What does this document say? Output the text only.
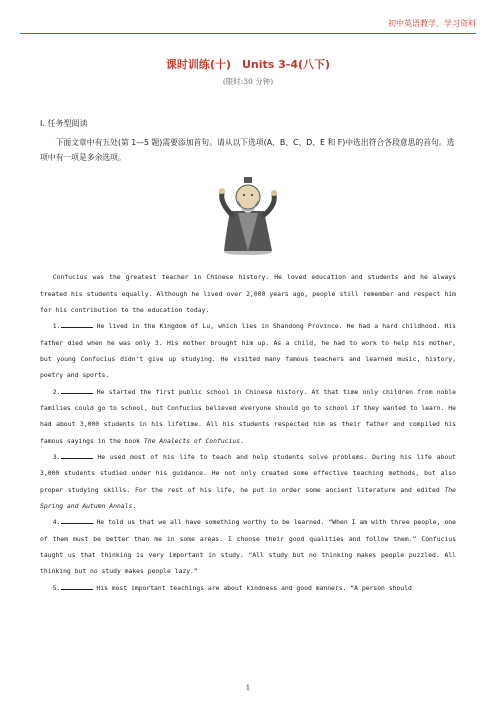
初中英语教学、学习资料
课时训练(十)　Units 3-4(八下)
(限时:30 分钟)

Ⅰ. 任务型阅读

下面文章中有五处(第 1—5 题)需要添加首句。请从以下选项(A、B、C、D、E 和 F)中选出符合各段意思的首句。选项中有一项是多余选项。

Confucius was the greatest teacher in Chinese history. He loved education and students and he always treated his students equally. Although he lived over 2,000 years ago, people still remember and respect him for his contribution to the education today.

1.	He lived in the Kingdom of Lu, which lies in Shandong Province. He had a hard childhood. His father died when he was only 3. His mother brought him up. As a child, he had to work to help his mother, but young Confucius didn't give up studying. He visited many famous teachers and learned music, history, poetry and sports.

2.	He started the first public school in Chinese history. At that time only children from noble families could go to school, but Confucius believed everyone should go to school if they wanted to learn. He had about 3,000 students in his lifetime. All his students respected him as their father and compiled his famous sayings in the book The Analects of Confucius.

3.	He used most of his life to teach and help students solve problems. During his life about 3,000 students studied under his guidance. He not only created some effective teaching methods, but also proper studying skills. For the rest of his life, he put in order some ancient literature and edited The Spring and Autumn Annals.

4.	He told us that we all have something worthy to be learned. “When I am with three people, one of them must be better than me in some areas. I choose their good qualities and follow them.” Confucius taught us that thinking is very important in study. “All study but no thinking makes people puzzled. All thinking but no study makes people lazy.”

5.	His most important teachings are about kindness and good manners. “A person should

1
